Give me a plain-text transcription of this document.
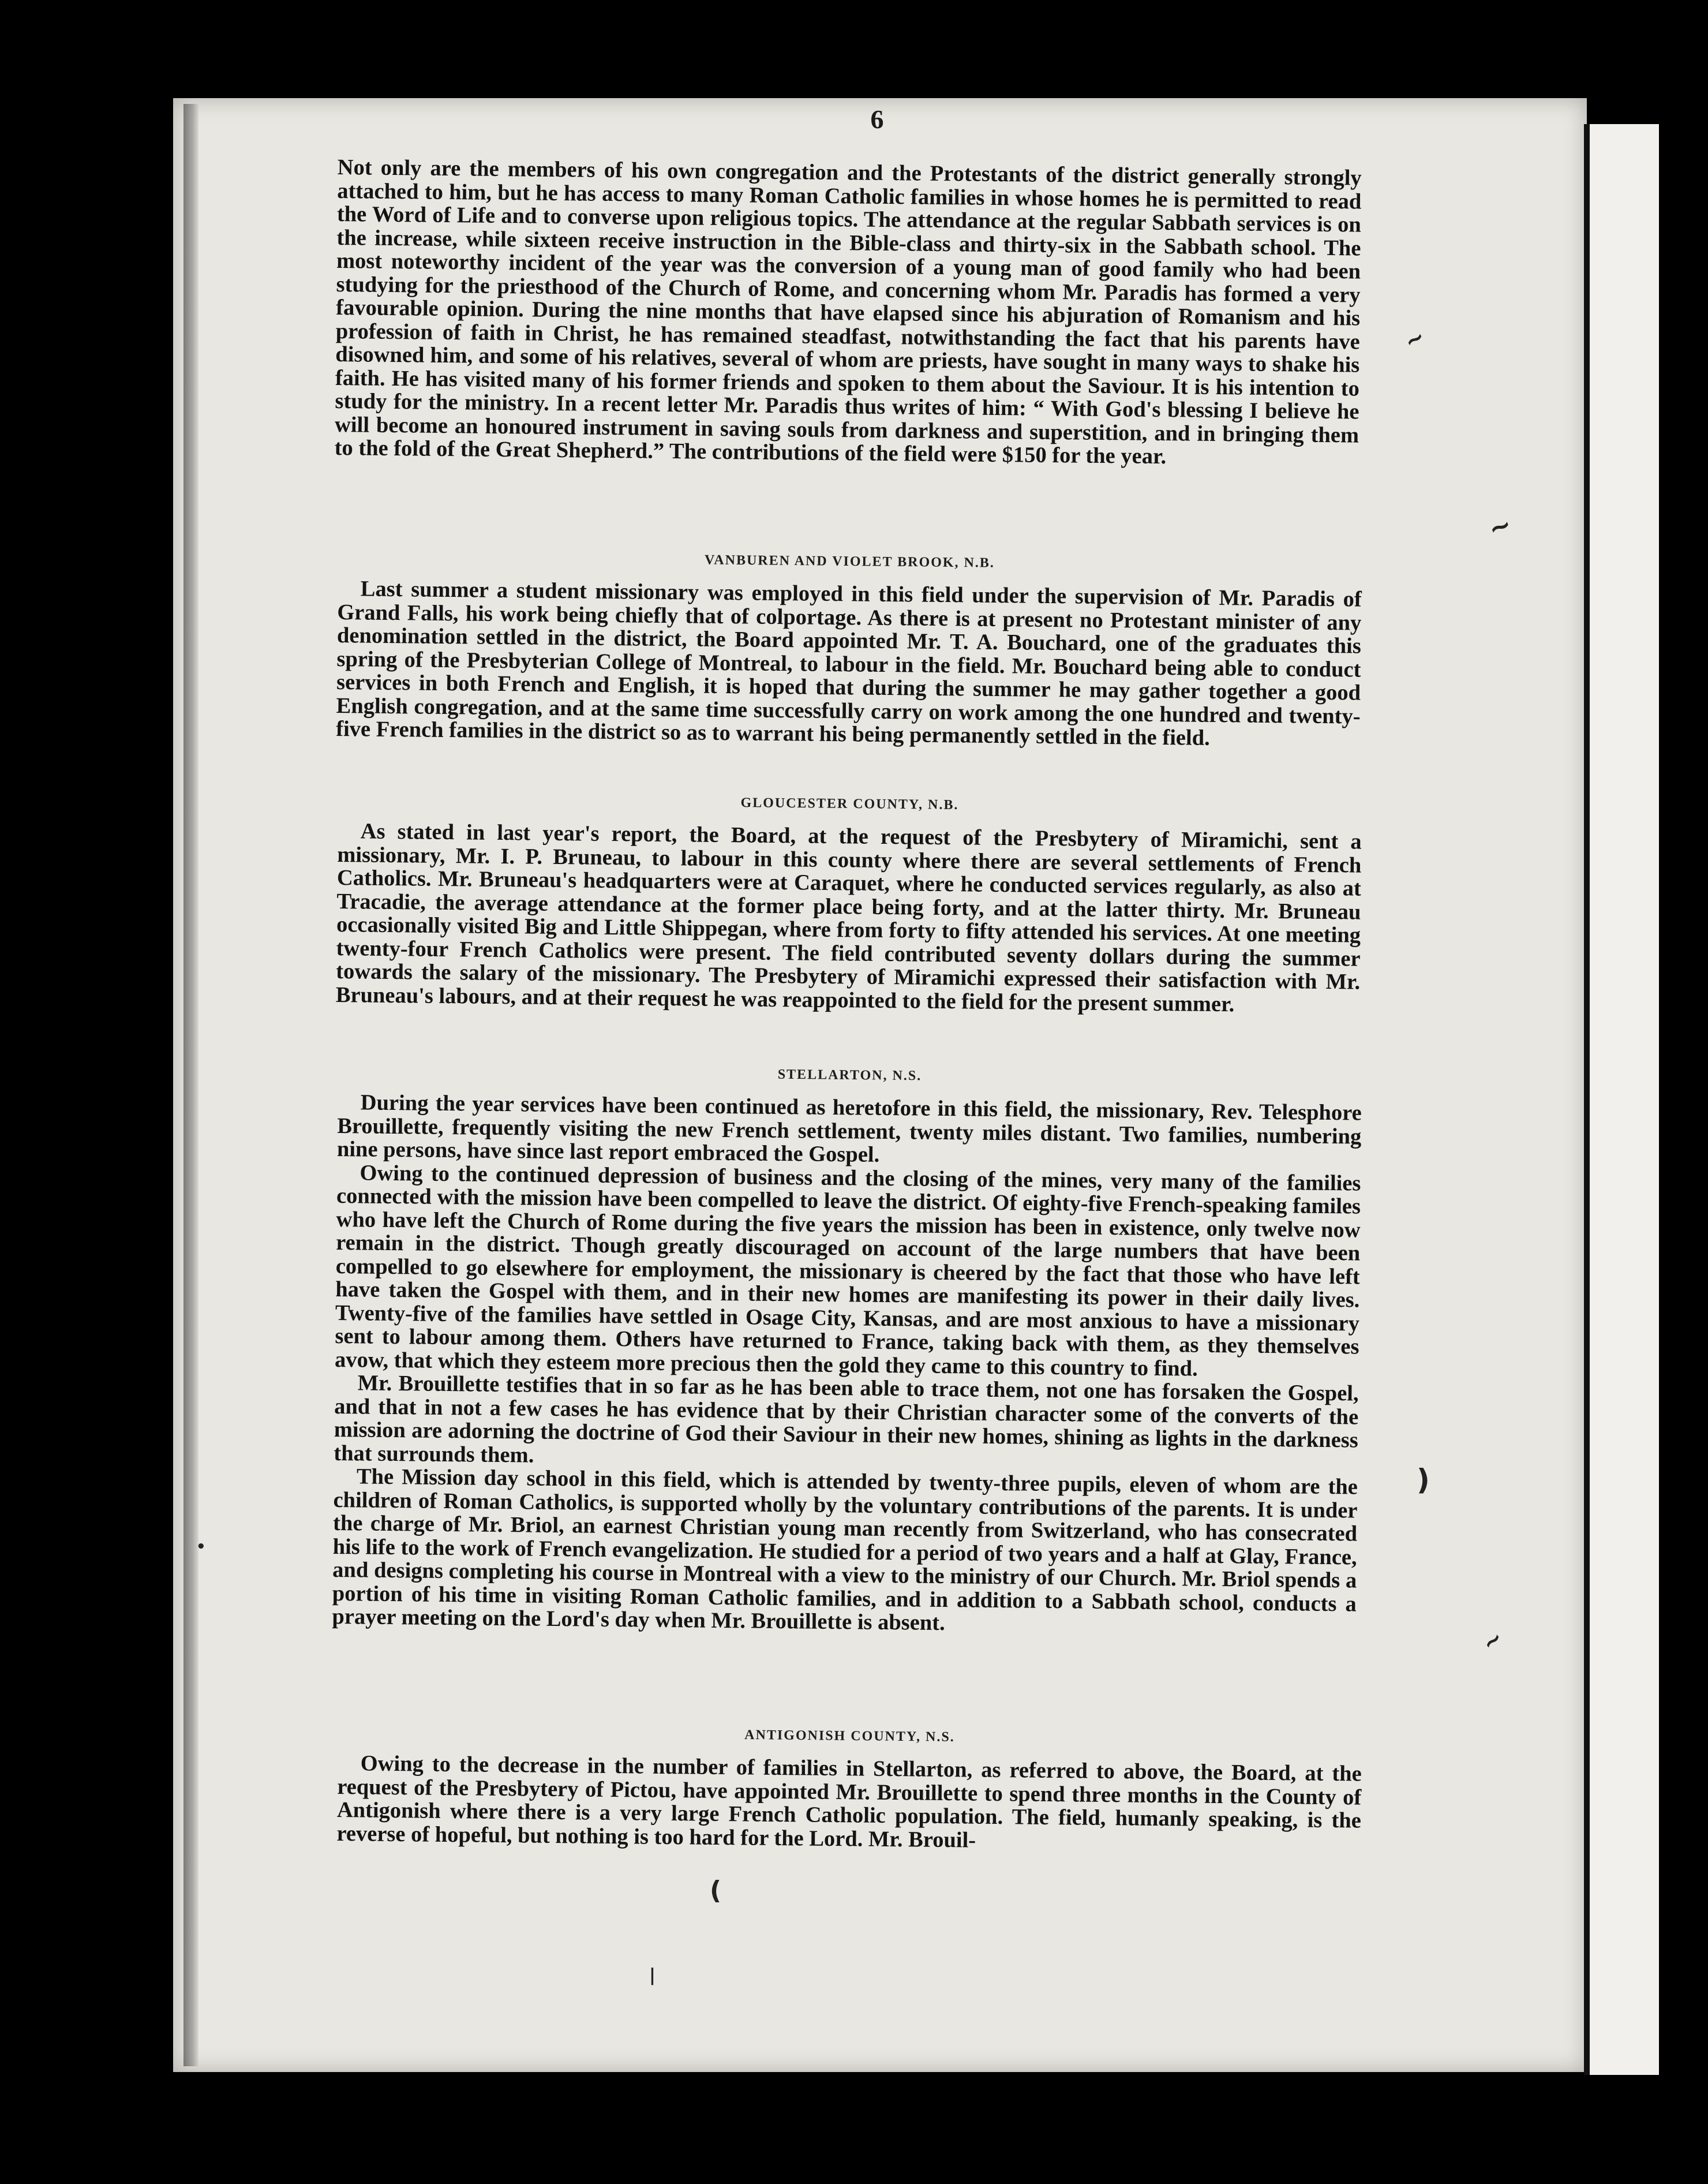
6

Not only are the members of his own congregation and the Protestants of the district generally strongly attached to him, but he has access to many Roman Catholic families in whose homes he is permitted to read the Word of Life and to converse upon religious topics. The attendance at the regular Sabbath services is on the increase, while sixteen receive instruction in the Bible-class and thirty-six in the Sabbath school. The most noteworthy incident of the year was the conversion of a young man of good family who had been studying for the priesthood of the Church of Rome, and concerning whom Mr. Paradis has formed a very favourable opinion. During the nine months that have elapsed since his abjuration of Romanism and his profession of faith in Christ, he has remained steadfast, notwithstanding the fact that his parents have disowned him, and some of his relatives, several of whom are priests, have sought in many ways to shake his faith. He has visited many of his former friends and spoken to them about the Saviour. It is his intention to study for the ministry. In a recent letter Mr. Paradis thus writes of him: “ With God's blessing I believe he will become an honoured instrument in saving souls from darkness and superstition, and in bringing them to the fold of the Great Shepherd.” The contributions of the field were $150 for the year.

VANBUREN AND VIOLET BROOK, N.B.

Last summer a student missionary was employed in this field under the supervision of Mr. Paradis of Grand Falls, his work being chiefly that of colportage. As there is at present no Protestant minister of any denomination settled in the district, the Board appointed Mr. T. A. Bouchard, one of the graduates this spring of the Presbyterian College of Montreal, to labour in the field. Mr. Bouchard being able to conduct services in both French and English, it is hoped that during the summer he may gather together a good English congregation, and at the same time successfully carry on work among the one hundred and twenty-five French families in the district so as to warrant his being permanently settled in the field.

GLOUCESTER COUNTY, N.B.

As stated in last year's report, the Board, at the request of the Presbytery of Miramichi, sent a missionary, Mr. I. P. Bruneau, to labour in this county where there are several settlements of French Catholics. Mr. Bruneau's headquarters were at Caraquet, where he conducted services regularly, as also at Tracadie, the average attendance at the former place being forty, and at the latter thirty. Mr. Bruneau occasionally visited Big and Little Shippegan, where from forty to fifty attended his services. At one meeting twenty-four French Catholics were present. The field contributed seventy dollars during the summer towards the salary of the missionary. The Presbytery of Miramichi expressed their satisfaction with Mr. Bruneau's labours, and at their request he was reappointed to the field for the present summer.

STELLARTON, N.S.

During the year services have been continued as heretofore in this field, the missionary, Rev. Telesphore Brouillette, frequently visiting the new French settlement, twenty miles distant. Two families, numbering nine persons, have since last report embraced the Gospel.

Owing to the continued depression of business and the closing of the mines, very many of the families connected with the mission have been compelled to leave the district. Of eighty-five French-speaking familes who have left the Church of Rome during the five years the mission has been in existence, only twelve now remain in the district. Though greatly discouraged on account of the large numbers that have been compelled to go elsewhere for employment, the missionary is cheered by the fact that those who have left have taken the Gospel with them, and in their new homes are manifesting its power in their daily lives. Twenty-five of the families have settled in Osage City, Kansas, and are most anxious to have a missionary sent to labour among them. Others have returned to France, taking back with them, as they themselves avow, that which they esteem more precious then the gold they came to this country to find.

Mr. Brouillette testifies that in so far as he has been able to trace them, not one has forsaken the Gospel, and that in not a few cases he has evidence that by their Christian character some of the converts of the mission are adorning the doctrine of God their Saviour in their new homes, shining as lights in the darkness that surrounds them.

The Mission day school in this field, which is attended by twenty-three pupils, eleven of whom are the children of Roman Catholics, is supported wholly by the voluntary contributions of the parents. It is under the charge of Mr. Briol, an earnest Christian young man recently from Switzerland, who has consecrated his life to the work of French evangelization. He studied for a period of two years and a half at Glay, France, and designs completing his course in Montreal with a view to the ministry of our Church. Mr. Briol spends a portion of his time in visiting Roman Catholic families, and in addition to a Sabbath school, conducts a prayer meeting on the Lord's day when Mr. Brouillette is absent.

ANTIGONISH COUNTY, N.S.

Owing to the decrease in the number of families in Stellarton, as referred to above, the Board, at the request of the Presbytery of Pictou, have appointed Mr. Brouillette to spend three months in the County of Antigonish where there is a very large French Catholic population. The field, humanly speaking, is the reverse of hopeful, but nothing is too hard for the Lord. Mr. Brouil-

(
|
~
~
~
)
•
